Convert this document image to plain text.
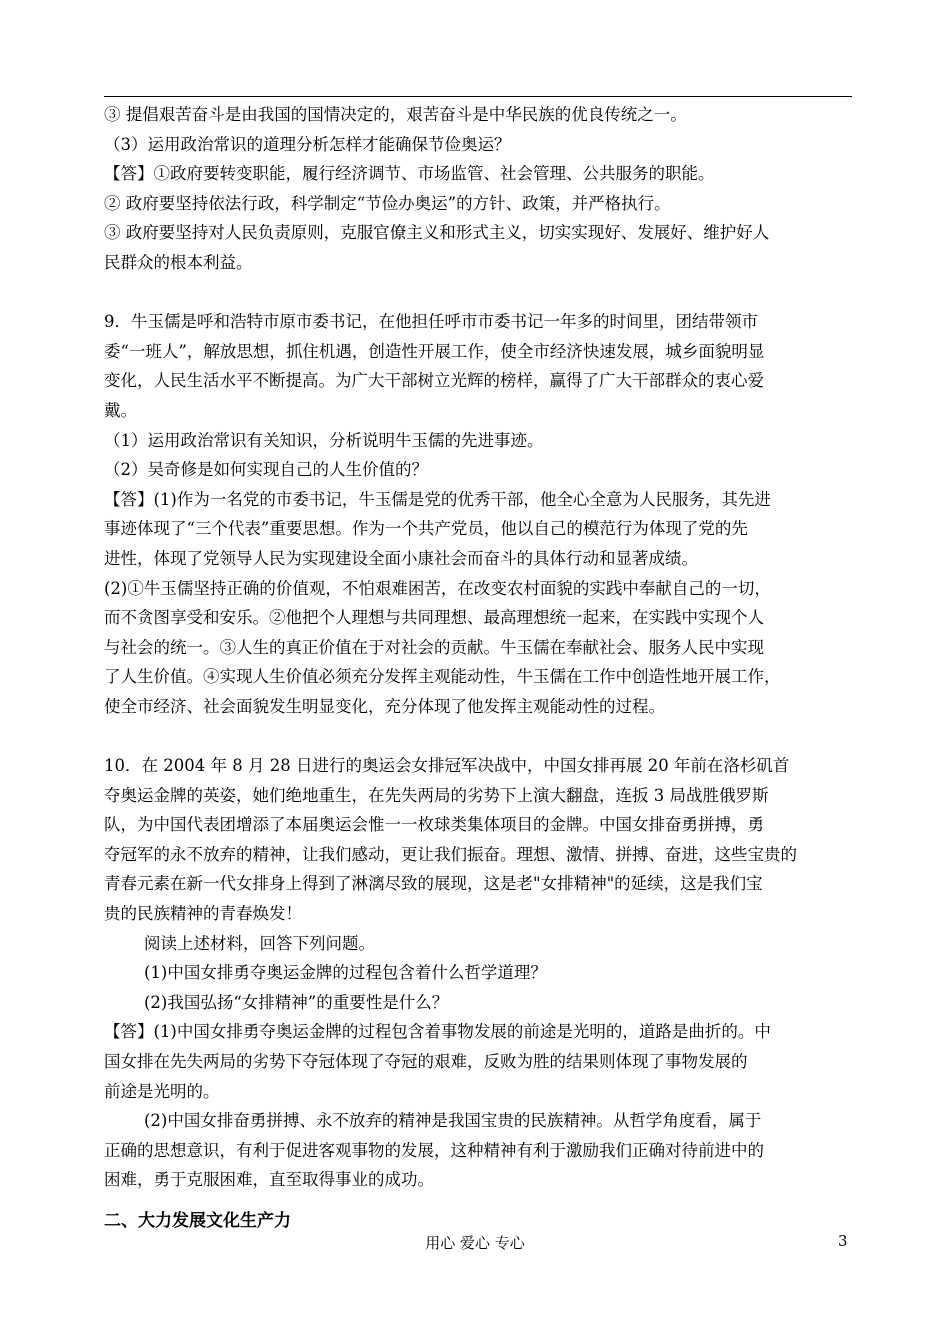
③ 提倡艰苦奋斗是由我国的国情决定的，艰苦奋斗是中华民族的优良传统之一。
（3）运用政治常识的道理分析怎样才能确保节俭奥运？
【答】①政府要转变职能，履行经济调节、市场监管、社会管理、公共服务的职能。
② 政府要坚持依法行政，科学制定“节俭办奥运”的方针、政策，并严格执行。
③ 政府要坚持对人民负责原则，克服官僚主义和形式主义，切实实现好、发展好、维护好人
民群众的根本利益。
9．牛玉儒是呼和浩特市原市委书记，在他担任呼市市委书记一年多的时间里，团结带领市
委“一班人”，解放思想，抓住机遇，创造性开展工作，使全市经济快速发展，城乡面貌明显
变化，人民生活水平不断提高。为广大干部树立光辉的榜样，赢得了广大干部群众的衷心爱
戴。
（1）运用政治常识有关知识，分析说明牛玉儒的先进事迹。
（2）吴奇修是如何实现自己的人生价值的？
【答】(1)作为一名党的市委书记，牛玉儒是党的优秀干部，他全心全意为人民服务，其先进
事迹体现了“三个代表”重要思想。作为一个共产党员，他以自己的模范行为体现了党的先
进性，体现了党领导人民为实现建设全面小康社会而奋斗的具体行动和显著成绩。
(2)①牛玉儒坚持正确的价值观，不怕艰难困苦，在改变农村面貌的实践中奉献自己的一切，
而不贪图享受和安乐。②他把个人理想与共同理想、最高理想统一起来，在实践中实现个人
与社会的统一。③人生的真正价值在于对社会的贡献。牛玉儒在奉献社会、服务人民中实现
了人生价值。④实现人生价值必须充分发挥主观能动性，牛玉儒在工作中创造性地开展工作，
使全市经济、社会面貌发生明显变化，充分体现了他发挥主观能动性的过程。
10．在 2004 年 8 月 28 日进行的奥运会女排冠军决战中，中国女排再展 20 年前在洛杉矶首
夺奥运金牌的英姿，她们绝地重生，在先失两局的劣势下上演大翻盘，连扳 3 局战胜俄罗斯
队，为中国代表团增添了本届奥运会惟一一枚球类集体项目的金牌。中国女排奋勇拼搏，勇
夺冠军的永不放弃的精神，让我们感动，更让我们振奋。理想、激情、拼搏、奋进，这些宝贵的
青春元素在新一代女排身上得到了淋漓尽致的展现，这是老"女排精神"的延续，这是我们宝
贵的民族精神的青春焕发！
阅读上述材料，回答下列问题。
(1)中国女排勇夺奥运金牌的过程包含着什么哲学道理？
(2)我国弘扬“女排精神”的重要性是什么？
【答】(1)中国女排勇夺奥运金牌的过程包含着事物发展的前途是光明的，道路是曲折的。中
国女排在先失两局的劣势下夺冠体现了夺冠的艰难，反败为胜的结果则体现了事物发展的
前途是光明的。
(2)中国女排奋勇拼搏、永不放弃的精神是我国宝贵的民族精神。从哲学角度看，属于
正确的思想意识，有利于促进客观事物的发展，这种精神有利于激励我们正确对待前进中的
困难，勇于克服困难，直至取得事业的成功。
二、大力发展文化生产力
用心 爱心 专心	3
